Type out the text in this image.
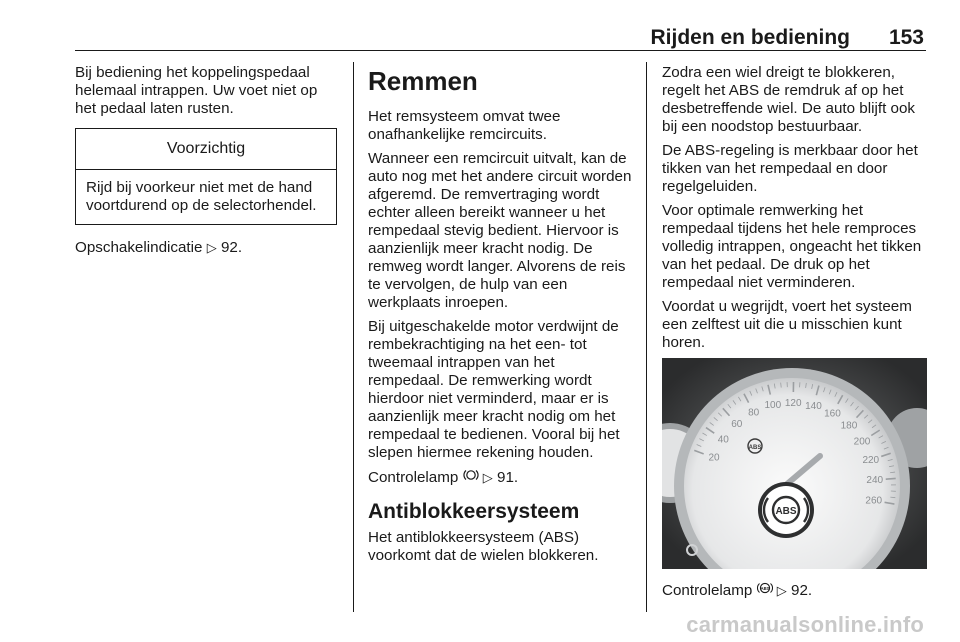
Rijden en bediening 153

Bij bediening het koppelingspedaal helemaal intrappen. Uw voet niet op het pedaal laten rusten.

Voorzichtig
Rijd bij voorkeur niet met de hand voortdurend op de selectorhendel.

Opschakelindicatie ▷ 92.

Remmen

Het remsysteem omvat twee onafhankelijke remcircuits.

Wanneer een remcircuit uitvalt, kan de auto nog met het andere circuit worden afgeremd. De remvertraging wordt echter alleen bereikt wanneer u het rempedaal stevig bedient. Hiervoor is aanzienlijk meer kracht nodig. De remweg wordt langer. Alvorens de reis te vervolgen, de hulp van een werkplaats inroepen.

Bij uitgeschakelde motor verdwijnt de rembekrachtiging na het een- tot tweemaal intrappen van het rempedaal. De remwerking wordt hierdoor niet verminderd, maar er is aanzienlijk meer kracht nodig om het rempedaal te bedienen. Vooral bij het slepen hiermee rekening houden.

Controlelamp  ▷ 91.

Antiblokkeersysteem

Het antiblokkeersysteem (ABS) voorkomt dat de wielen blokkeren.

Zodra een wiel dreigt te blokkeren, regelt het ABS de remdruk af op het desbetreffende wiel. De auto blijft ook bij een noodstop bestuurbaar.

De ABS-regeling is merkbaar door het tikken van het rempedaal en door regelgeluiden.

Voor optimale remwerking het rempedaal tijdens het hele remproces volledig intrappen, ongeacht het tikken van het pedaal. De druk op het rempedaal niet verminderen.

Voordat u wegrijdt, voert het systeem een zelftest uit die u misschien kunt horen.

20
40
60
80
100 120 140
160
180
200
220
240
260
ABS
ABS

Controlelamp ABS ▷ 92.

carmanualsonline.info
